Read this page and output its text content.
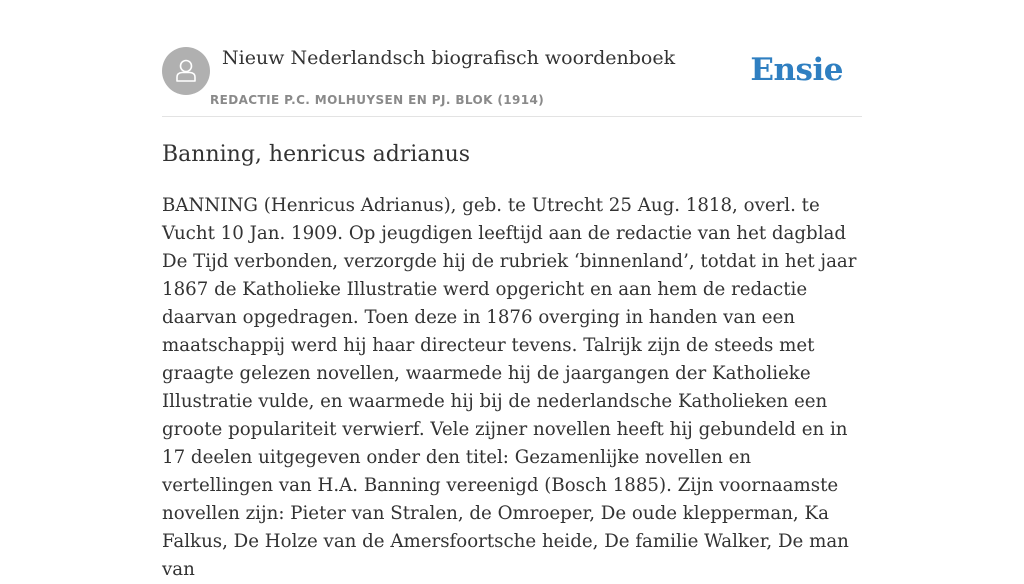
Nieuw Nederlandsch biografisch woordenboek
REDACTIE P.C. MOLHUYSEN EN PJ. BLOK (1914)
Ensie
Banning, henricus adrianus

BANNING (Henricus Adrianus), geb. te Utrecht 25 Aug. 1818, overl. te Vucht 10 Jan. 1909. Op jeugdigen leeftijd aan de redactie van het dagblad De Tijd verbonden, verzorgde hij de rubriek ‘binnenland’, totdat in het jaar 1867 de Katholieke Illustratie werd opgericht en aan hem de redactie daarvan opgedragen. Toen deze in 1876 overging in handen van een maatschappij werd hij haar directeur tevens. Talrijk zijn de steeds met graagte gelezen novellen, waarmede hij de jaargangen der Katholieke Illustratie vulde, en waarmede hij bij de nederlandsche Katholieken een groote populariteit verwierf. Vele zijner novellen heeft hij gebundeld en in 17 deelen uitgegeven onder den titel: Gezamenlijke novellen en vertellingen van H.A. Banning vereenigd (Bosch 1885). Zijn voornaamste novellen zijn: Pieter van Stralen, de Omroeper, De oude klepperman, Ka Falkus, De Holze van de Amersfoortsche heide, De familie Walker, De man van
